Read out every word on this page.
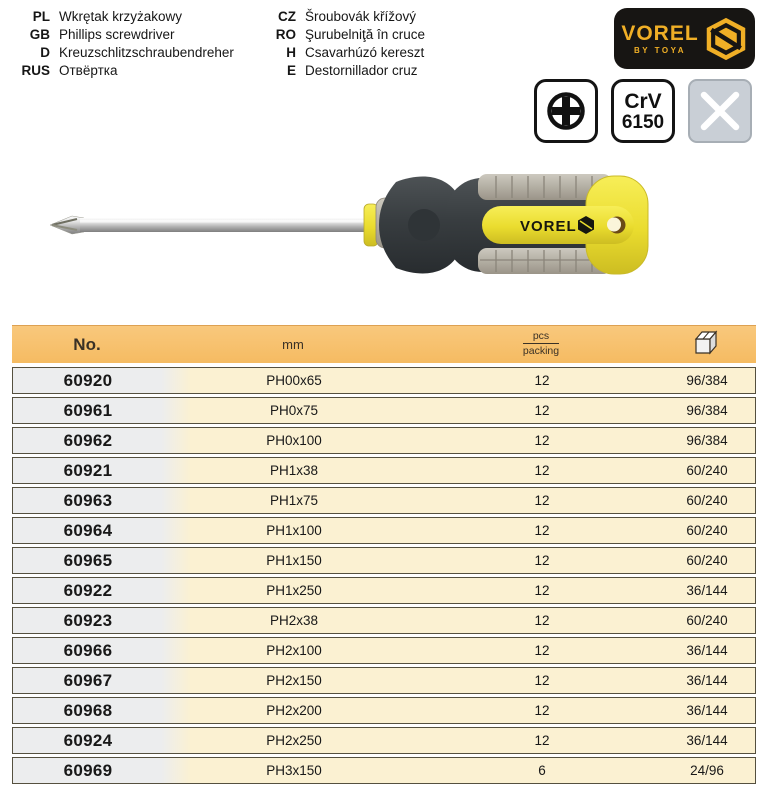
PL Wkrętak krzyżakowy
GB Phillips screwdriver
D Kreuzschlitzschraubendreher
RUS Отвёртка
CZ Šroubovák křížový
RO Şurubelniţă în cruce
H Csavarhúzó kereszt
E Destornillador cruz
VOREL
BY TOYA
CrV
6150
VOREL
No.	mm	$\frac{\text{pcs}}{\text{packing}}$
60920	PH00x65	12	96/384
60961	PH0x75	12	96/384
60962	PH0x100	12	96/384
60921	PH1x38	12	60/240
60963	PH1x75	12	60/240
60964	PH1x100	12	60/240
60965	PH1x150	12	60/240
60922	PH1x250	12	36/144
60923	PH2x38	12	60/240
60966	PH2x100	12	36/144
60967	PH2x150	12	36/144
60968	PH2x200	12	36/144
60924	PH2x250	12	36/144
60969	PH3x150	6	24/96
